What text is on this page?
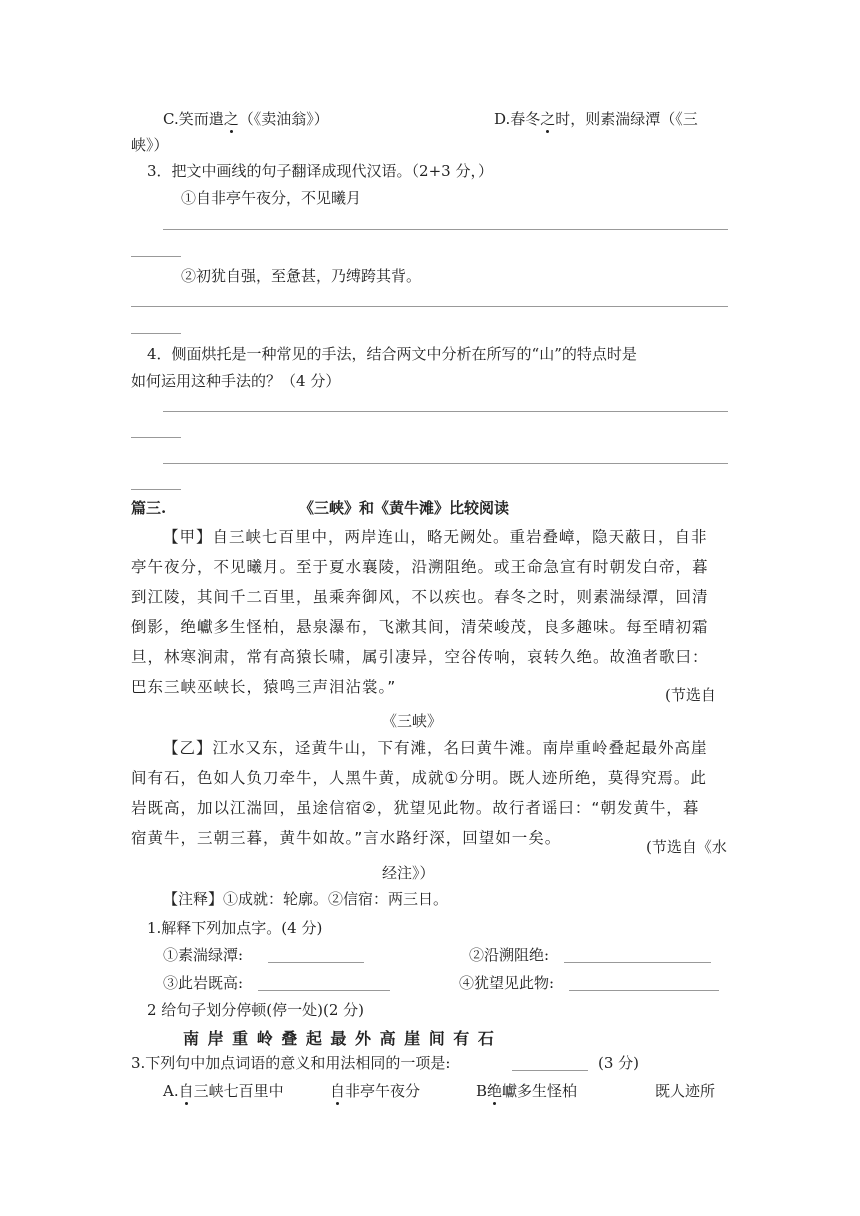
C.笑而遣之（《卖油翁》）	D.春冬之时，则素湍绿潭（《三
峡》）
3．把文中画线的句子翻译成现代汉语。（2+3 分，）
①自非亭午夜分，不见曦月
②初犹自强，至惫甚，乃缚跨其背。
4．侧面烘托是一种常见的手法，结合两文中分析在所写的“山”的特点时是
如何运用这种手法的？（4 分）
篇三.	《三峡》和《黄牛滩》比较阅读
【甲】自三峡七百里中，两岸连山，略无阙处。重岩叠嶂，隐天蔽日，自非
亭午夜分，不见曦月。至于夏水襄陵，沿溯阻绝。或王命急宣有时朝发白帝，暮
到江陵，其间千二百里，虽乘奔御风，不以疾也。春冬之时，则素湍绿潭，回清
倒影，绝巘多生怪柏，悬泉瀑布，飞漱其间，清荣峻茂，良多趣味。每至晴初霜
旦，林寒涧肃，常有高猿长啸，属引凄异，空谷传响，哀转久绝。故渔者歌曰：
巴东三峡巫峡长，猿鸣三声泪沾裳。”	(节选自
《三峡》
【乙】江水又东，迳黄牛山，下有滩，名曰黄牛滩。南岸重岭叠起最外高崖
间有石，色如人负刀牵牛，人黑牛黄，成就①分明。既人迹所绝，莫得究焉。此
岩既高，加以江湍回，虽途信宿②，犹望见此物。故行者谣曰：“朝发黄牛，暮
宿黄牛，三朝三暮，黄牛如故。”言水路纡深，回望如一矣。	(节选自《水
经注》）
【注释】①成就：轮廓。②信宿：两三日。
1.解释下列加点字。(4 分)
①素湍绿潭:	②沿溯阻绝:
③此岩既高:	④犹望见此物:
2 给句子划分停顿(停一处)(2 分)
南 岸 重 岭 叠 起 最 外 高 崖 间 有 石
3.下列句中加点词语的意义和用法相同的一项是:	(3 分)
A.自三峡七百里中	自非亭午夜分	B绝巘多生怪柏	既人迹所
